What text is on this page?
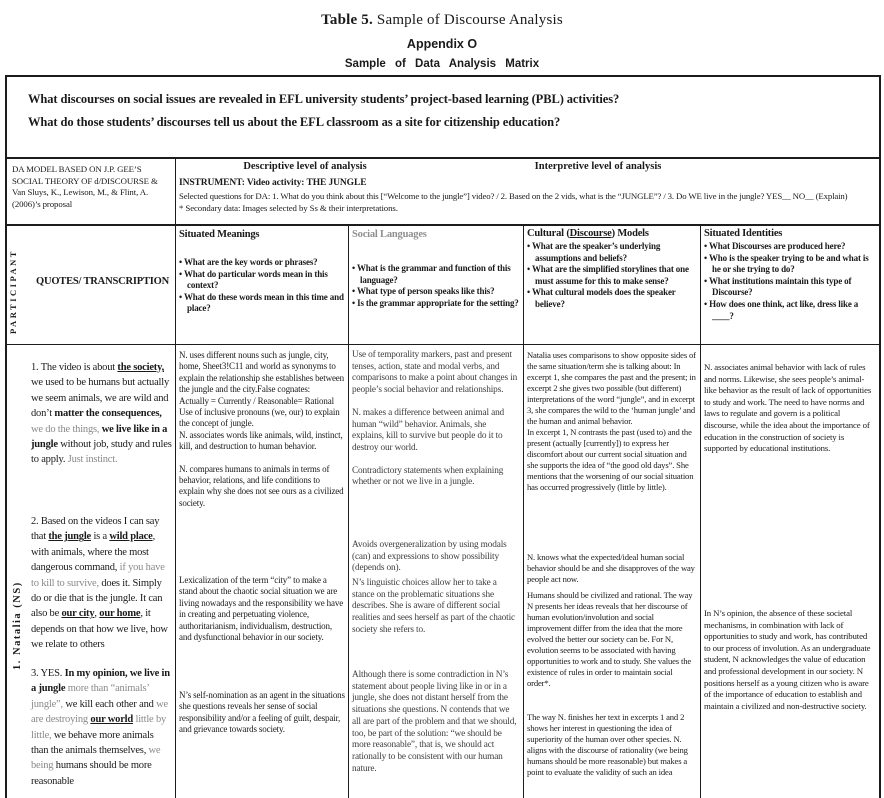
Table 5. Sample of Discourse Analysis
Appendix O
Sample of Data Analysis Matrix
What discourses on social issues are revealed in EFL university students’ project-based learning (PBL) activities?
What do those students’ discourses tell us about the EFL classroom as a site for citizenship education?
DA MODEL BASED ON J.P. GEE’S SOCIAL THEORY OF d/DISCOURSE & Van Sluys, K., Lewison, M., & Flint, A. (2006)’s proposal
Descriptive level of analysis	Interpretive level of analysis
INSTRUMENT: Video activity: THE JUNGLE
Selected questions for DA: 1. What do you think about this [“Welcome to the jungle”] video? / 2. Based on the 2 vids, what is the “JUNGLE”? / 3. Do WE live in the jungle? YES__ NO__ (Explain)
* Secondary data: Images selected by Ss & their interpretations.
PARTICIPANT	QUOTES/ TRANSCRIPTION
Situated Meanings
• What are the key words or phrases?
• What do particular words mean in this context?
• What do these words mean in this time and place?
Social Languages
• What is the grammar and function of this language?
• What type of person speaks like this?
• Is the grammar appropriate for the setting?
Cultural (Discourse) Models
• What are the speaker’s underlying assumptions and beliefs?
• What are the simplified storylines that one must assume for this to make sense?
• What cultural models does the speaker believe?
Situated Identities
• What Discourses are produced here?
• Who is the speaker trying to be and what is he or she trying to do?
• What institutions maintain this type of Discourse?
• How does one think, act like, dress like a ____?
1. Natalia (NS)
1. The video is about the society, we used to be humans but actually we seem animals, we are wild and don’t matter the consequences, we do the things, we live like in a jungle without job, study and rules to apply. Just instinct.
2. Based on the videos I can say that the jungle is a wild place, with animals, where the most dangerous command, if you have to kill to survive, does it. Simply do or die that is the jungle. It can also be our city, our home, it depends on that how we live, how we relate to others
3. YES. In my opinion, we live in a jungle more than “animals’ jungle”, we kill each other and we are destroying our world little by little, we behave more animals than the animals themselves, we being humans should be more reasonable

N. uses different nouns such as jungle, city, home, Sheet3!C11 and world as synonyms to explain the relationship she establishes between the jungle and the city.False cognates:

Actually = Currently / Reasonable= Rational

Use of inclusive pronouns (we, our) to explain the concept of jungle.

N. associates words like animals, wild, instinct, kill, and destruction to human behavior.

N. compares humans to animals in terms of behavior, relations, and life conditions to explain why she does not see ours as a civilized society.

Lexicalization of the term “city” to make a stand about the chaotic social situation we are living nowadays and the responsibility we have in creating and perpetuating violence, authoritarianism, individualism, destruction, and dysfunctional behavior in our society.

N’s self-nomination as an agent in the situations she questions reveals her sense of social responsibility and/or a feeling of guilt, despair, and grievance towards society.

Use of temporality markers, past and present tenses, action, state and modal verbs, and comparisons to make a point about changes in people’s social behavior and relationships.

N. makes a difference between animal and human “wild” behavior. Animals, she explains, kill to survive but people do it to destroy our world.

Contradictory statements when explaining whether or not we live in a jungle.

Avoids overgeneralization by using modals (can) and expressions to show possibility (depends on).

N’s linguistic choices allow her to take a stance on the problematic situations she describes. She is aware of different social realities and sees herself as part of the chaotic society she refers to.

Although there is some contradiction in N’s statement about people living like in or in a jungle, she does not distant herself from the situations she questions. N contends that we all are part of the problem and that we should, too, be part of the solution: “we should be more reasonable”, that is, we should act rationally to be consistent with our human nature.

Natalia uses comparisons to show opposite sides of the same situation/term she is talking about: In excerpt 1, she compares the past and the present; in excerpt 2 she gives two possible (but different) interpretations of the word “jungle”, and in excerpt 3, she compares the wild to the ‘human jungle’ and the human and animal behavior.

In excerpt 1, N contrasts the past (used to) and the present (actually [currently]) to express her discomfort about our current social situation and she supports the idea of “the good old days”. She mentions that the worsening of our social situation has occurred progressively (little by little).

N. knows what the expected/ideal human social behavior should be and she disapproves of the way people act now.

Humans should be civilized and rational. The way N presents her ideas reveals that her discourse of human evolution/involution and social improvement differ from the idea that the more evolved the better our society can be. For N, evolution seems to be associated with having opportunities to work and to study. She values the existence of rules in order to maintain social order*.

The way N. finishes her text in excerpts 1 and 2 shows her interest in questioning the idea of superiority of the human over other species. N. aligns with the discourse of rationality (we being humans should be more reasonable) but makes a point to evaluate the validity of such an idea

N. associates animal behavior with lack of rules and norms. Likewise, she sees people’s animal-like behavior as the result of lack of opportunities to study and work. The need to have norms and laws to regulate and govern is a political discourse, while the idea about the importance of education in the construction of society is supported by educational institutions.

In N’s opinion, the absence of these societal mechanisms, in combination with lack of opportunities to study and work, has contributed to our process of involution. As an undergraduate student, N acknowledges the value of education and professional development in our society. N positions herself as a young citizen who is aware of the importance of education to establish and maintain a civilized and non-destructive society.
